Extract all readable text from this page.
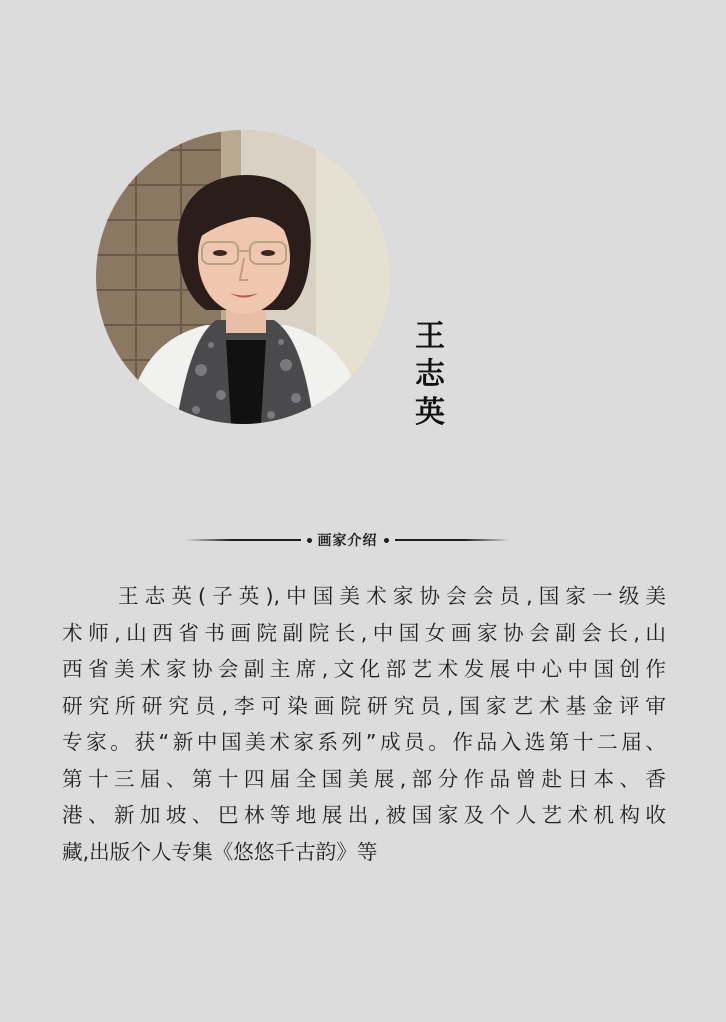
王
志
英
画家介绍
王志英(子英),中国美术家协会会员,国家一级美
术师,山西省书画院副院长,中国女画家协会副会长,山
西省美术家协会副主席,文化部艺术发展中心中国创作
研究所研究员,李可染画院研究员,国家艺术基金评审
专家。获“新中国美术家系列”成员。作品入选第十二届、
第十三届、第十四届全国美展,部分作品曾赴日本、香
港、新加坡、巴林等地展出,被国家及个人艺术机构收
藏,出版个人专集《悠悠千古韵》等
